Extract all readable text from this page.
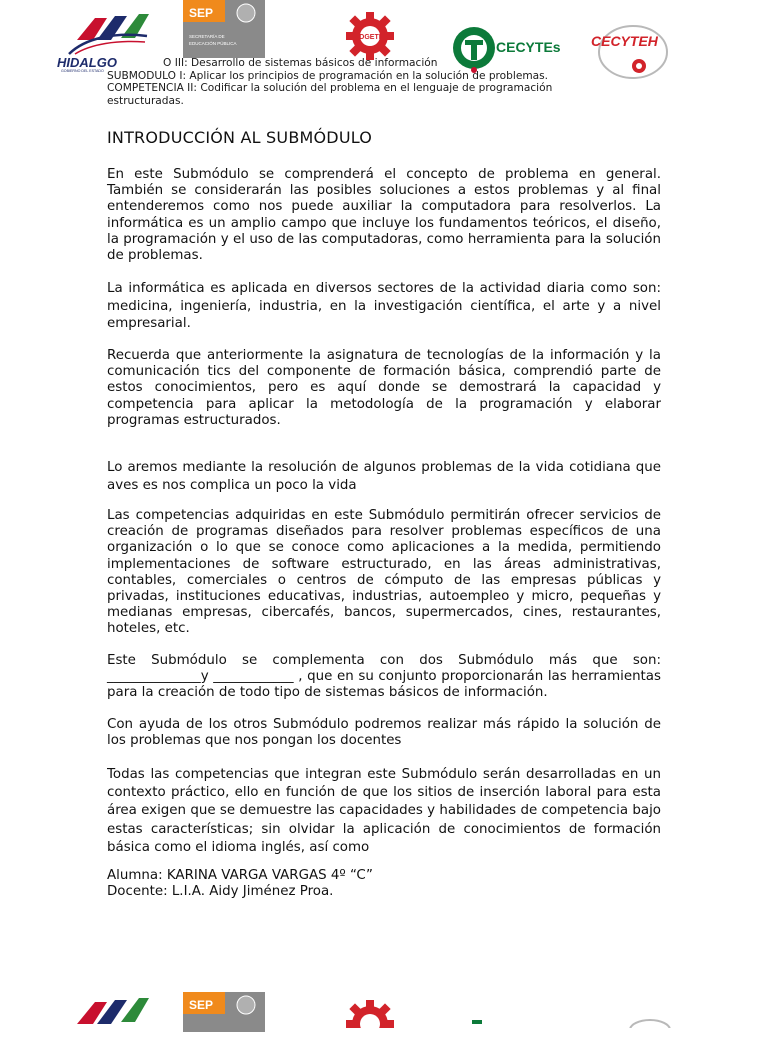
HIDALGO
GOBIERNO DEL ESTADO
SEP
SECRETARÍA DE
EDUCACIÓN PÚBLICA
DGETI
CECYTEs CECYTEH
O III: Desarrollo de sistemas básicos de información
SUBMODULO I: Aplicar los principios de programación en la solución de problemas.
COMPETENCIA II: Codificar la solución del problema en el lenguaje de programación
estructuradas.
INTRODUCCIÓN AL SUBMÓDULO

En este Submódulo se comprenderá el concepto de problema en general. También se considerarán las posibles soluciones a estos problemas y al final entenderemos como nos puede auxiliar la computadora para resolverlos. La informática es un amplio campo que incluye los fundamentos teóricos, el diseño, la programación y el uso de las computadoras, como herramienta para la solución de problemas.

La informática es aplicada en diversos sectores de la actividad diaria como son: medicina, ingeniería, industria, en la investigación científica, el arte y a nivel empresarial.

Recuerda que anteriormente la asignatura de tecnologías de la información y la comunicación tics del componente de formación básica, comprendió parte de estos conocimientos, pero es aquí donde se demostrará la capacidad y competencia para aplicar la metodología de la programación y elaborar programas estructurados.

Lo aremos mediante la resolución de algunos problemas de la vida cotidiana que aves es nos complica un poco la vida

Las competencias adquiridas en este Submódulo permitirán ofrecer servicios de creación de programas diseñados para resolver problemas específicos de una organización o lo que se conoce como aplicaciones a la medida, permitiendo implementaciones de software estructurado, en las áreas administrativas, contables, comerciales o centros de cómputo de las empresas públicas y privadas, instituciones educativas, industrias, autoempleo y micro, pequeñas y medianas empresas, cibercafés, bancos, supermercados, cines, restaurantes, hoteles, etc.

Este Submódulo se complementa con dos Submódulo más que son: ______________y ____________ , que en su conjunto proporcionarán las herramientas para la creación de todo tipo de sistemas básicos de información.

Con ayuda de los otros Submódulo podremos realizar más rápido la solución de los problemas que nos pongan los docentes

Todas las competencias que integran este Submódulo serán desarrolladas en un contexto práctico, ello en función de que los sitios de inserción laboral para esta área exigen que se demuestre las capacidades y habilidades de competencia bajo estas características; sin olvidar la aplicación de conocimientos de formación básica como el idioma inglés, así como

Alumna: KARINA VARGA VARGAS 4º “C”
Docente: L.I.A. Aidy Jiménez Proa.
SEP
